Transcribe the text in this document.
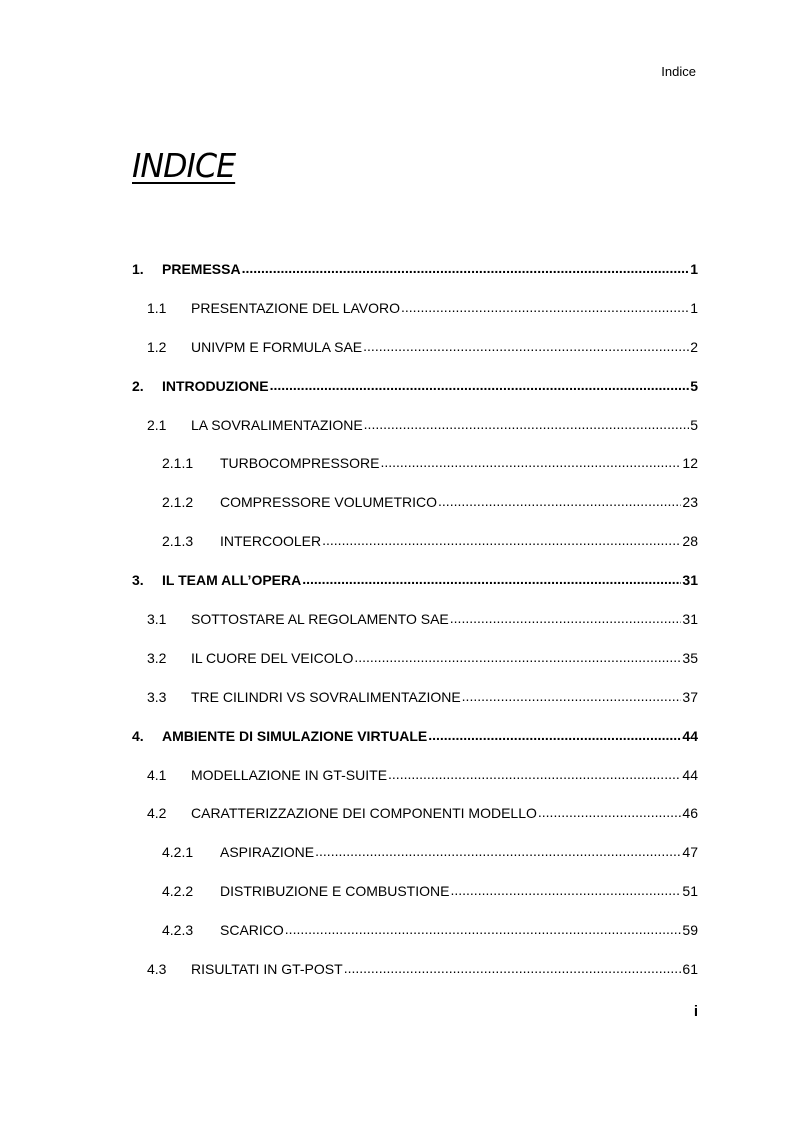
Indice
INDICE
1.	PREMESSA .....	1
1.1	PRESENTAZIONE DEL LAVORO .....	1
1.2	UNIVPM E FORMULA SAE .....	2
2.	INTRODUZIONE .....	5
2.1	LA SOVRALIMENTAZIONE .....	5
2.1.1	TURBOCOMPRESSORE .....	12
2.1.2	COMPRESSORE VOLUMETRICO .....	23
2.1.3	INTERCOOLER .....	28
3.	IL TEAM ALL’OPERA .....	31
3.1	SOTTOSTARE AL REGOLAMENTO SAE .....	31
3.2	IL CUORE DEL VEICOLO .....	35
3.3	TRE CILINDRI VS SOVRALIMENTAZIONE .....	37
4.	AMBIENTE DI SIMULAZIONE VIRTUALE .....	44
4.1	MODELLAZIONE IN GT-SUITE .....	44
4.2	CARATTERIZZAZIONE DEI COMPONENTI MODELLO .....	46
4.2.1	ASPIRAZIONE .....	47
4.2.2	DISTRIBUZIONE E COMBUSTIONE .....	51
4.2.3	SCARICO .....	59
4.3	RISULTATI IN GT-POST .....	61
i
